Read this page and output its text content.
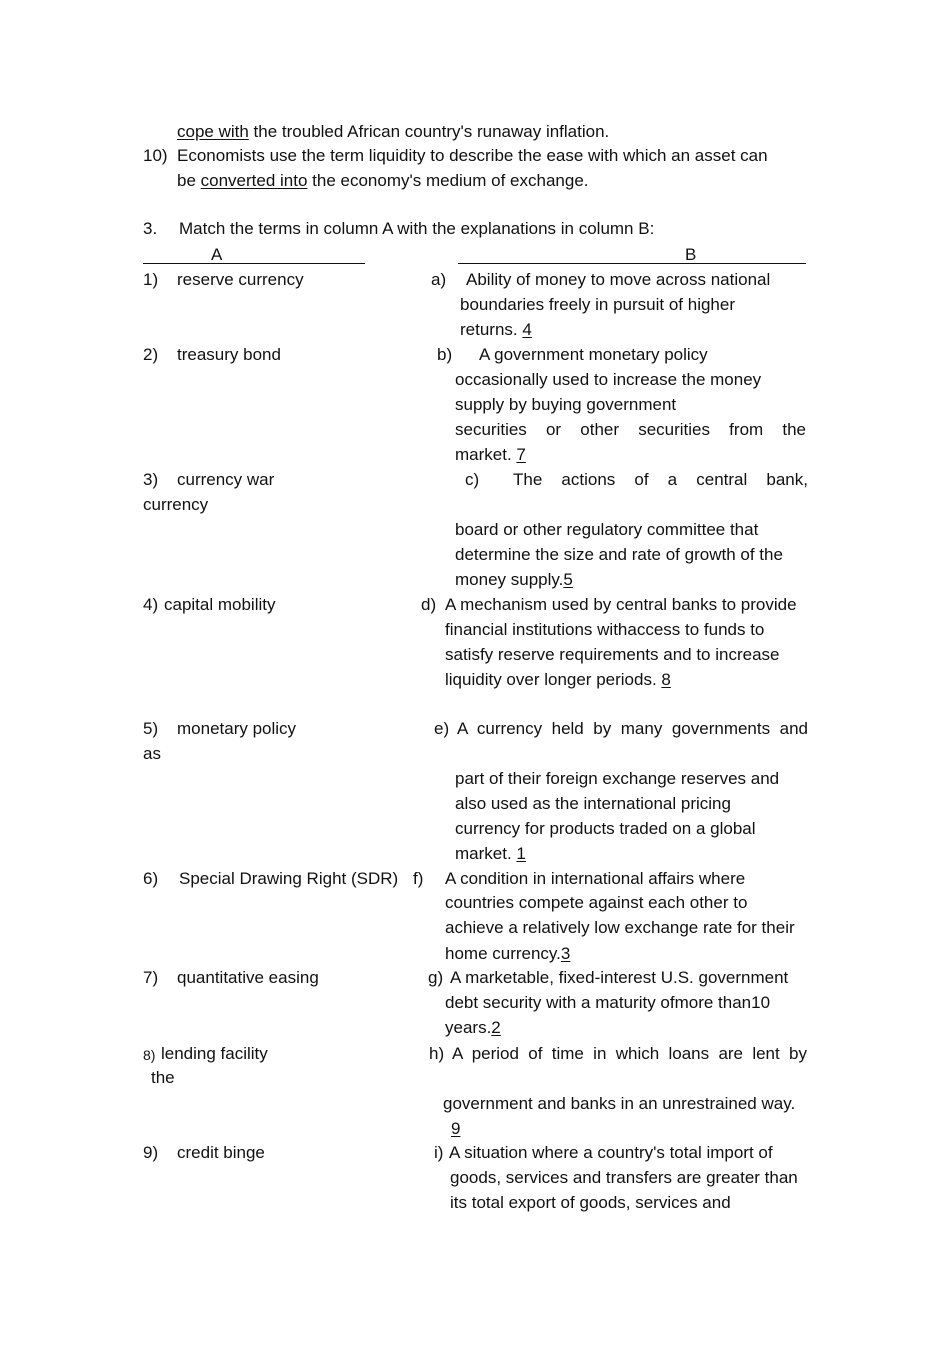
cope with the troubled African country's runaway inflation.
10) Economists use the term liquidity to describe the ease with which an asset can
be converted into the economy's medium of exchange.
3. Match the terms in column A with the explanations in column B:
A	B
1) reserve currency
2) treasury bond
3) currency war
currency
4) capital mobility
5) monetary policy
as
6) Special Drawing Right (SDR)
7) quantitative easing
8) lending facility
the
9) credit binge
a) Ability of money to move across national
boundaries freely in pursuit of higher
returns. 4
b) A government monetary policy
occasionally used to increase the money
supply by buying government
securities or other securities from the
market. 7
c) The actions of a central bank,
board or other regulatory committee that
determine the size and rate of growth of the
money supply.5
d) A mechanism used by central banks to provide
financial institutions withaccess to funds to
satisfy reserve requirements and to increase
liquidity over longer periods. 8
e) A currency held by many governments and
part of their foreign exchange reserves and
also used as the international pricing
currency for products traded on a global
market. 1
f) A condition in international affairs where
countries compete against each other to
achieve a relatively low exchange rate for their
home currency.3
g) A marketable, fixed-interest U.S. government
debt security with a maturity ofmore than10
years.2
h) A period of time in which loans are lent by
government and banks in an unrestrained way.
9
i) A situation where a country's total import of
goods, services and transfers are greater than
its total export of goods, services and
